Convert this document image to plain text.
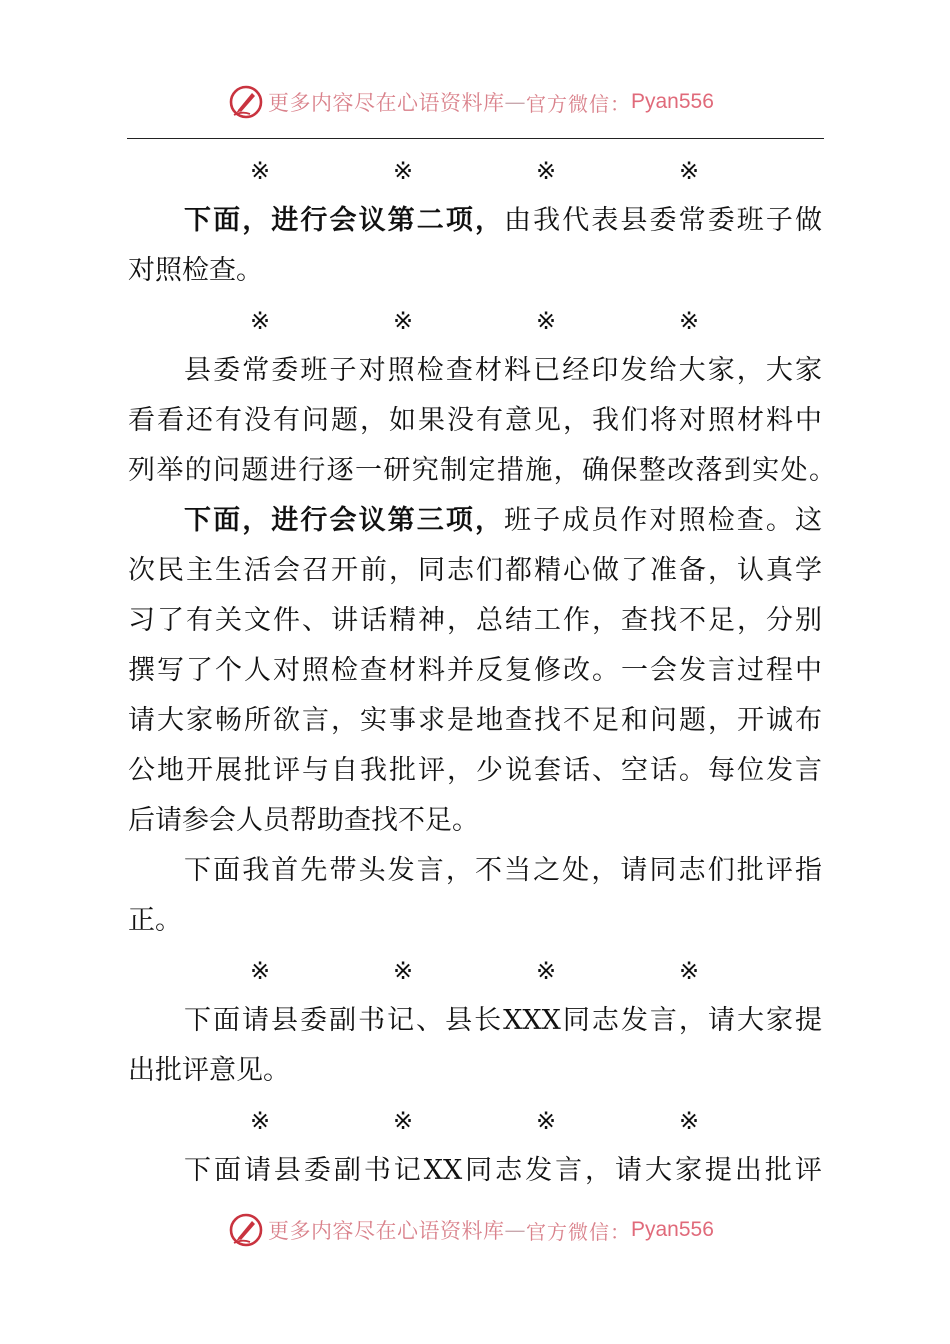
更多内容尽在心语资料库 — 官方微信： Pyan556
※	※	※	※
下 面 ， 进 行 会 议 第 二 项 ， 由 我 代 表 县 委 常 委 班 子 做
对照检查。
※	※	※	※
县 委 常 委 班 子 对 照 检 查 材 料 已 经 印 发 给 大 家 ， 大 家
看 看 还 有 没 有 问 题 ， 如 果 没 有 意 见 ， 我 们 将 对 照 材 料 中
列 举 的 问 题 进 行 逐 一 研 究 制 定 措 施 ， 确 保 整 改 落 到 实 处 。
下 面 ， 进 行 会 议 第 三 项 ， 班 子 成 员 作 对 照 检 查 。 这
次 民 主 生 活 会 召 开 前 ， 同 志 们 都 精 心 做 了 准 备 ， 认 真 学
习 了 有 关 文 件 、 讲 话 精 神 ， 总 结 工 作 ， 查 找 不 足 ， 分 别
撰 写 了 个 人 对 照 检 查 材 料 并 反 复 修 改 。 一 会 发 言 过 程 中
请 大 家 畅 所 欲 言 ， 实 事 求 是 地 查 找 不 足 和 问 题 ， 开 诚 布
公 地 开 展 批 评 与 自 我 批 评 ， 少 说 套 话 、 空 话 。 每 位 发 言
后请参会人员帮助查找不足。
下 面 我 首 先 带 头 发 言 ， 不 当 之 处 ， 请 同 志 们 批 评 指
正。
※	※	※	※
下 面 请 县 委 副 书 记 、 县 长 XXX 同 志 发 言 ， 请 大 家 提
出批评意见。
※	※	※	※
下 面 请 县 委 副 书 记 XX 同 志 发 言 ， 请 大 家 提 出 批 评
更多内容尽在心语资料库 — 官方微信： Pyan556
